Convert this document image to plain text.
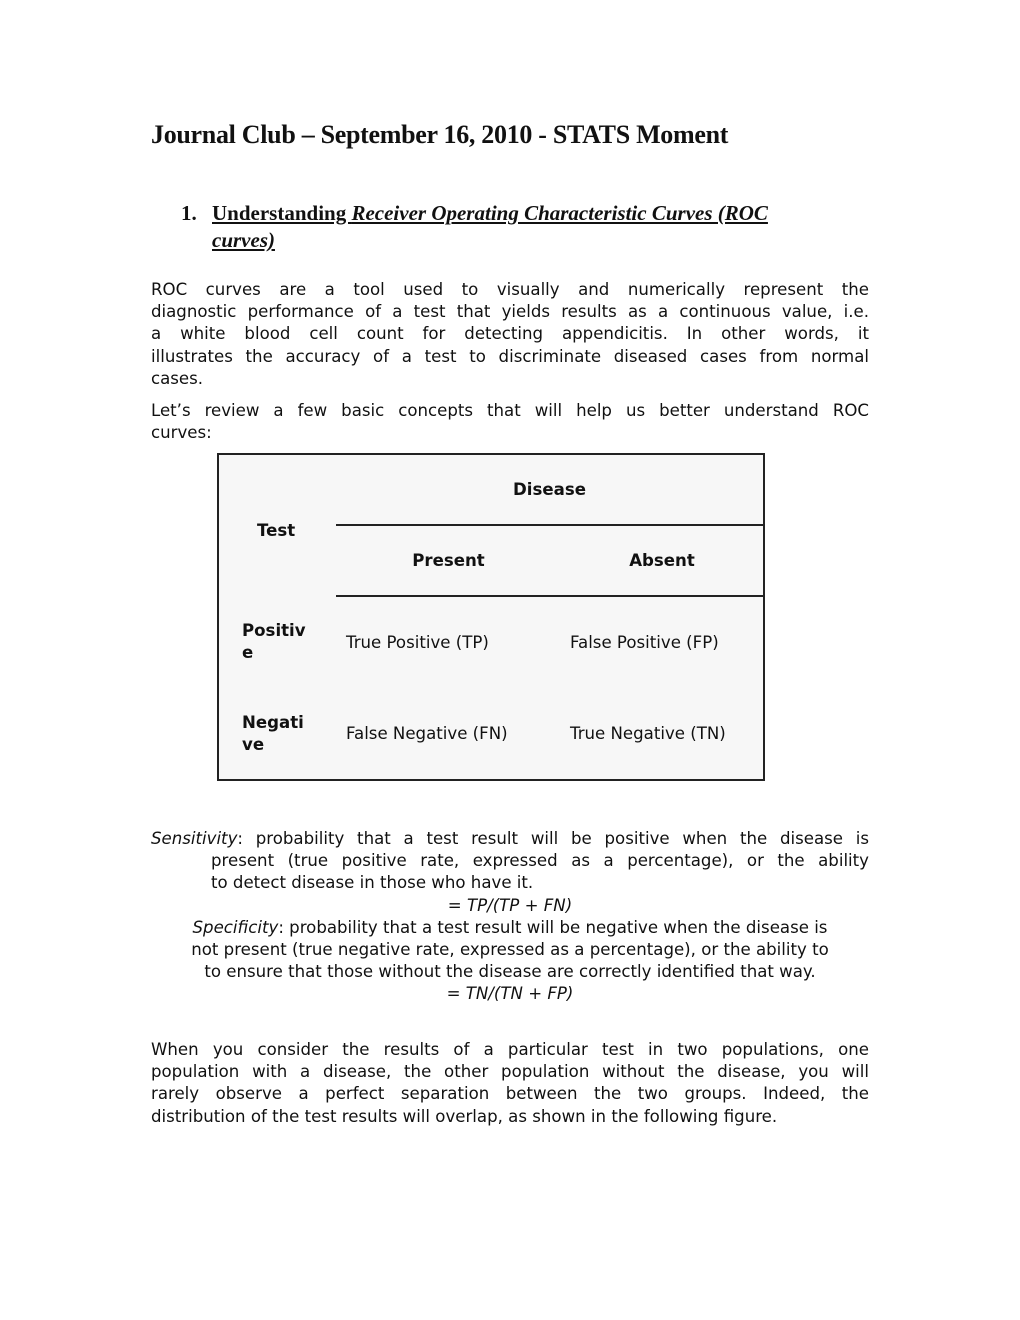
Journal Club – September 16, 2010 - STATS Moment
1. Understanding Receiver Operating Characteristic Curves (ROC
curves)
ROC curves are a tool used to visually and numerically represent the
diagnostic performance of a test that yields results as a continuous value, i.e.
a white blood cell count for detecting appendicitis. In other words, it
illustrates the accuracy of a test to discriminate diseased cases from normal
cases.
Let’s review a few basic concepts that will help us better understand ROC
curves:
Test	Disease	
	Present	Absent

Positiv
e	True Positive (TP)	False Positive (FP)

Negati
ve	False Negative (FN)	True Negative (TN)
Sensitivity: probability that a test result will be positive when the disease is
present (true positive rate, expressed as a percentage), or the ability
to detect disease in those who have it.
= TP/(TP + FN)
Specificity: probability that a test result will be negative when the disease is
not present (true negative rate, expressed as a percentage), or the ability to
to ensure that those without the disease are correctly identified that way.
= TN/(TN + FP)
When you consider the results of a particular test in two populations, one
population with a disease, the other population without the disease, you will
rarely observe a perfect separation between the two groups. Indeed, the
distribution of the test results will overlap, as shown in the following figure.
